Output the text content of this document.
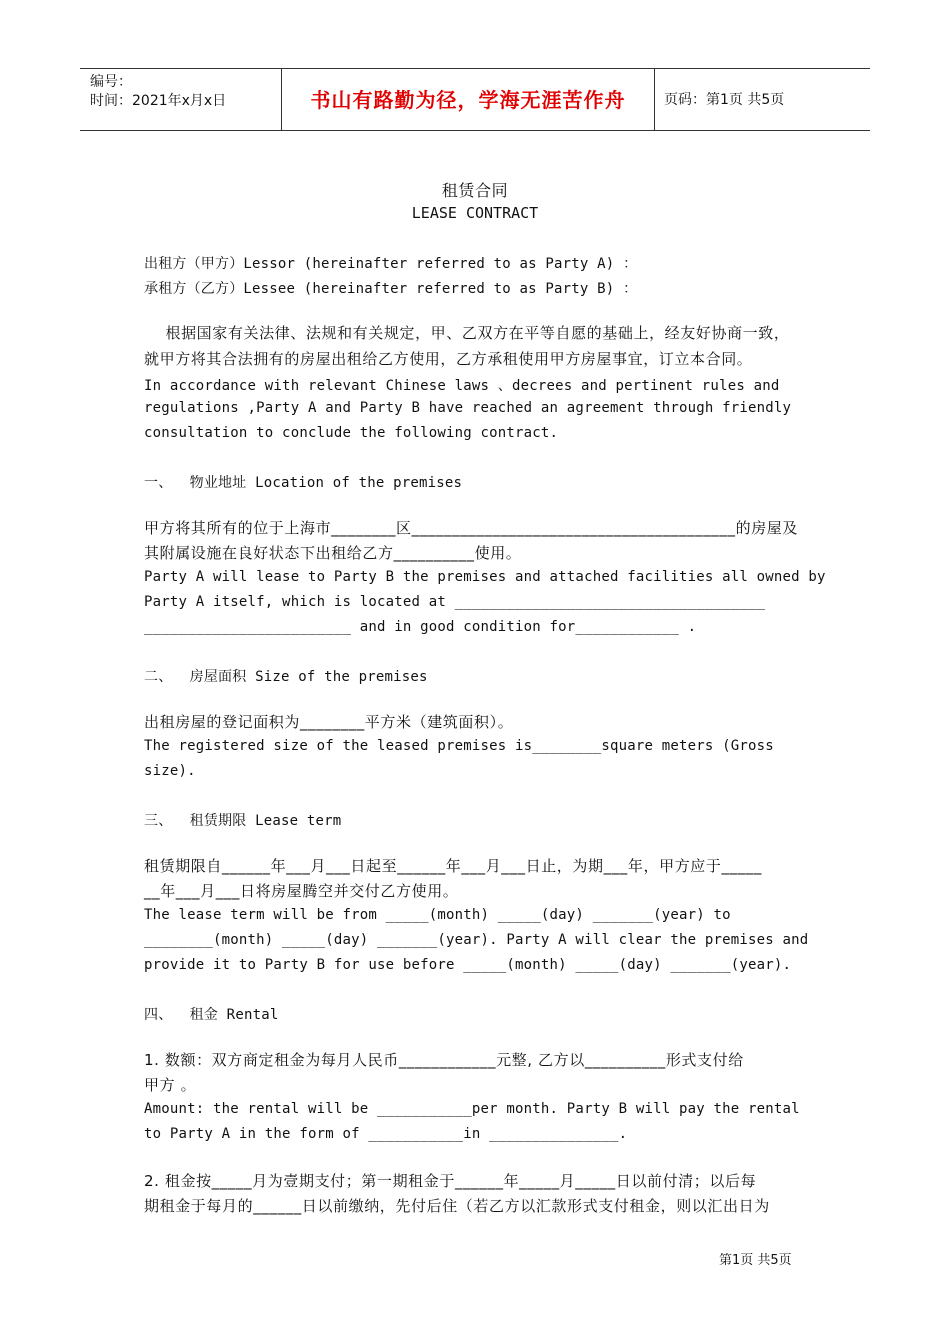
编号：
时间：2021年x月x日	书山有路勤为径，学海无涯苦作舟	页码：第1页 共5页
租赁合同
LEASE CONTRACT
出租方（甲方）Lessor (hereinafter referred to as Party A) ：
承租方（乙方）Lessee (hereinafter referred to as Party B) ：
根据国家有关法律、法规和有关规定，甲、乙双方在平等自愿的基础上，经友好协商一致，
就甲方将其合法拥有的房屋出租给乙方使用，乙方承租使用甲方房屋事宜，订立本合同。
In accordance with relevant Chinese laws 、decrees and pertinent rules and
regulations ,Party A and Party B have reached an agreement through friendly
consultation to conclude the following contract.
一、  物业地址 Location of the premises
甲方将其所有的位于上海市________区________________________________________的房屋及
其附属设施在良好状态下出租给乙方__________使用。
Party A will lease to Party B the premises and attached facilities all owned by
Party A itself, which is located at ____________________________________
________________________ and in good condition for____________ .
二、  房屋面积 Size of the premises
出租房屋的登记面积为________平方米（建筑面积）。
The registered size of the leased premises is________square meters (Gross
size).
三、  租赁期限 Lease term
租赁期限自______年___月___日起至______年___月___日止，为期___年，甲方应于_____
__年___月___日将房屋腾空并交付乙方使用。
The lease term will be from _____(month) _____(day) _______(year) to
________(month) _____(day) _______(year). Party A will clear the premises and
provide it to Party B for use before _____(month) _____(day) _______(year).
四、  租金 Rental
1. 数额：双方商定租金为每月人民币____________元整, 乙方以__________形式支付给
甲方 。
Amount: the rental will be ___________per month. Party B will pay the rental
to Party A in the form of ___________in _______________.
2. 租金按_____月为壹期支付；第一期租金于______年_____月_____日以前付清；以后每
期租金于每月的______日以前缴纳，先付后住（若乙方以汇款形式支付租金，则以汇出日为
第1页 共5页
